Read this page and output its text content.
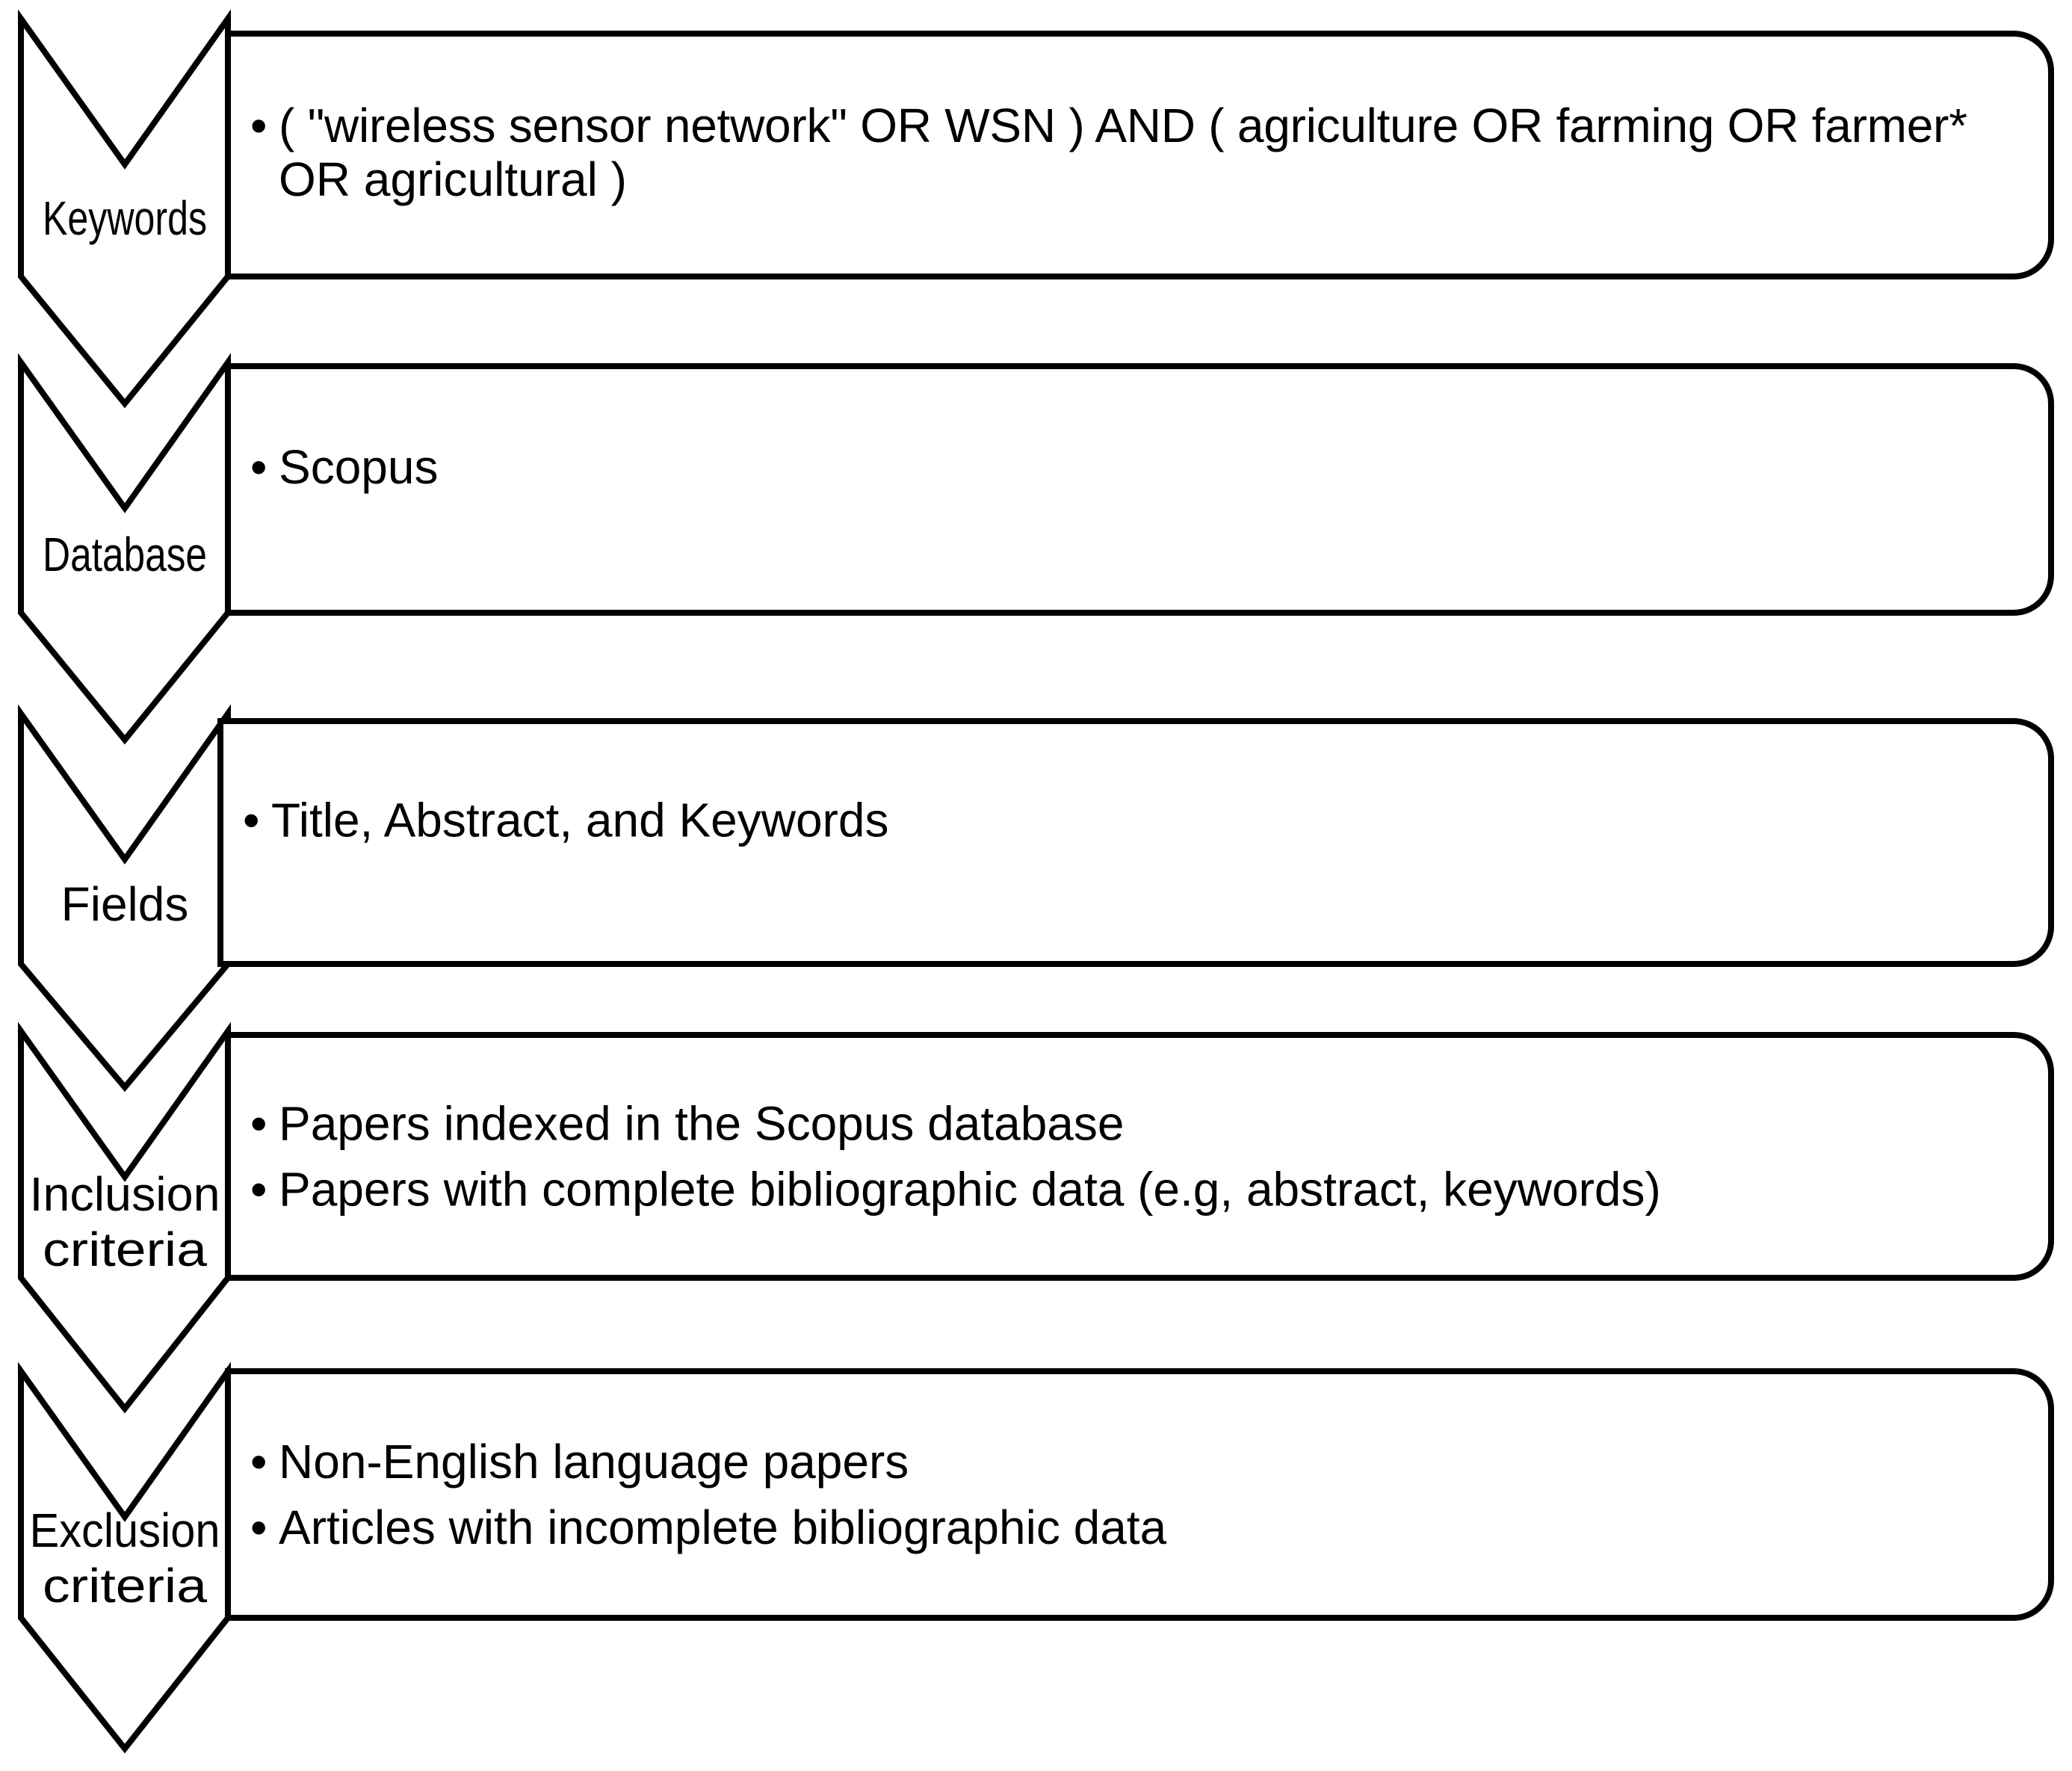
Keywords
Database
Fields
Inclusion
criteria
Exclusion
criteria
• ( "wireless sensor network" OR WSN ) AND ( agriculture OR farming OR farmer*
OR agricultural )
• Scopus
• Title, Abstract, and Keywords
• Papers indexed in the Scopus database
• Papers with complete bibliographic data (e.g, abstract, keywords)
• Non-English language papers
• Articles with incomplete bibliographic data
